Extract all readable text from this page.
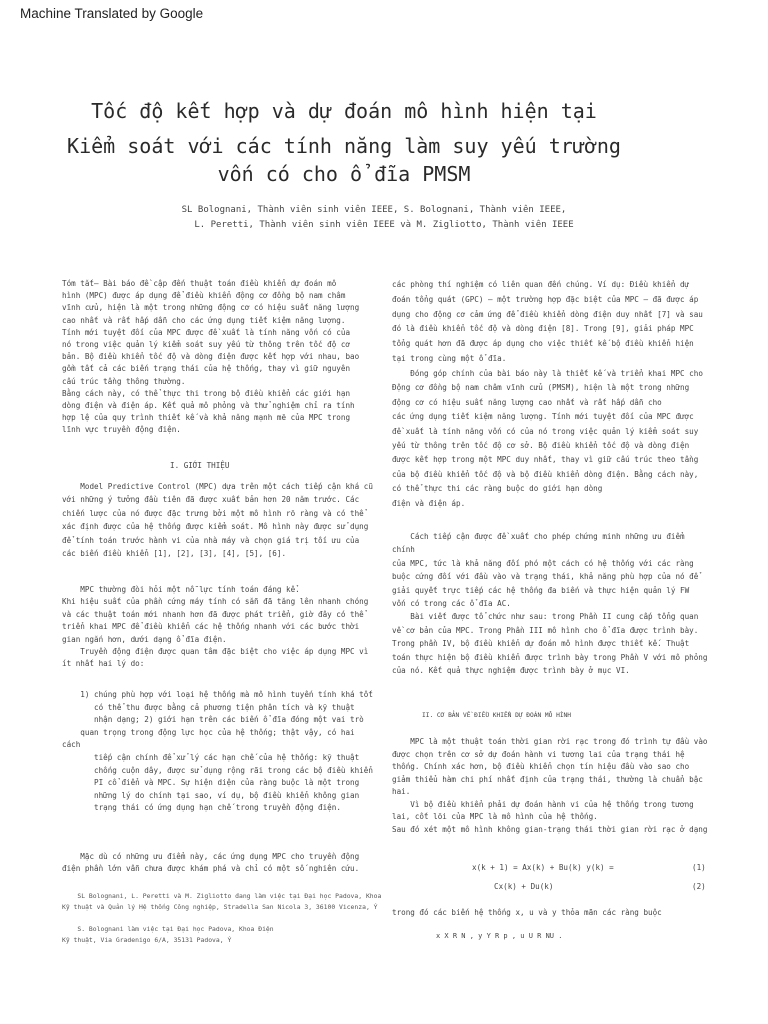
Machine Translated by Google
Tốc độ kết hợp và dự đoán mô hình hiện tại
Kiểm soát với các tính năng làm suy yếu trường
vốn có cho ổ đĩa PMSM
SL Bolognani, Thành viên sinh viên IEEE, S. Bolognani, Thành viên IEEE,
L. Peretti, Thành viên sinh viên IEEE và M. Zigliotto, Thành viên IEEE
Tóm tắt— Bài báo đề cập đến thuật toán điều khiển dự đoán mô
hình (MPC) được áp dụng để điều khiển động cơ đồng bộ nam châm
vĩnh cửu, hiện là một trong những động cơ có hiệu suất năng lượng
cao nhất và rất hấp dẫn cho các ứng dụng tiết kiệm năng lượng.
Tính mới tuyệt đối của MPC được đề xuất là tính năng vốn có của
nó trong việc quản lý kiểm soát suy yếu từ thông trên tốc độ cơ
bản. Bộ điều khiển tốc độ và dòng điện được kết hợp với nhau, bao
gồm tất cả các biến trạng thái của hệ thống, thay vì giữ nguyên
cấu trúc tầng thông thường.
Bằng cách này, có thể thực thi trong bộ điều khiển các giới hạn
dòng điện và điện áp. Kết quả mô phỏng và thử nghiệm chỉ ra tính
hợp lệ của quy trình thiết kế và khả năng mạnh mẽ của MPC trong
lĩnh vực truyền động điện.
I. GIỚI THIỆU
Model Predictive Control (MPC) dựa trên một cách tiếp cận khá cũ
với những ý tưởng đầu tiên đã được xuất bản hơn 20 năm trước. Các
chiến lược của nó được đặc trưng bởi một mô hình rõ ràng và có thể
xác định được của hệ thống được kiểm soát. Mô hình này được sử dụng
để tính toán trước hành vi của nhà máy và chọn giá trị tối ưu của
các biến điều khiển [1], [2], [3], [4], [5], [6].
MPC thường đòi hỏi một nỗ lực tính toán đáng kể.
Khi hiệu suất của phần cứng máy tính có sẵn đã tăng lên nhanh chóng
và các thuật toán mới nhanh hơn đã được phát triển, giờ đây có thể
triển khai MPC để điều khiển các hệ thống nhanh với các bước thời
gian ngắn hơn, dưới dạng ổ đĩa điện.
Truyền động điện được quan tâm đặc biệt cho việc áp dụng MPC vì
ít nhất hai lý do:
1) chúng phù hợp với loại hệ thống mà mô hình tuyến tính khá tốt
có thể thu được bằng cả phương tiện phân tích và kỹ thuật
nhận dạng; 2) giới hạn trên các biến ổ đĩa đóng một vai trò
quan trọng trong động lực học của hệ thống; thật vậy, có hai cách
tiếp cận chính để xử lý các hạn chế của hệ thống: kỹ thuật
chống cuộn dây, được sử dụng rộng rãi trong các bộ điều khiển
PI cổ điển và MPC. Sự hiện diện của ràng buộc là một trong
những lý do chính tại sao, ví dụ, bộ điều khiển không gian
trạng thái có ứng dụng hạn chế trong truyền động điện.
Mặc dù có những ưu điểm này, các ứng dụng MPC cho truyền động
điện phần lớn vẫn chưa được khám phá và chỉ có một số nghiên cứu.
SL Bolognani, L. Peretti và M. Zigliotto đang làm việc tại Đại học Padova, Khoa
Kỹ thuật và Quản lý Hệ thống Công nghiệp, Stradella San Nicola 3, 36100 Vicenza, Ý
S. Bolognani làm việc tại Đại học Padova, Khoa Điện
Kỹ thuật, Via Gradenigo 6/A, 35131 Padova, Ý
các phòng thí nghiệm có liên quan đến chúng. Ví dụ: Điều khiển dự
đoán tổng quát (GPC) – một trường hợp đặc biệt của MPC – đã được áp
dụng cho động cơ cảm ứng để điều khiển dòng điện duy nhất [7] và sau
đó là điều khiển tốc độ và dòng điện [8]. Trong [9], giải pháp MPC
tổng quát hơn đã được áp dụng cho việc thiết kế bộ điều khiển hiện
tại trong cùng một ổ đĩa.
Đóng góp chính của bài báo này là thiết kế và triển khai MPC cho
Động cơ đồng bộ nam châm vĩnh cửu (PMSM), hiện là một trong những
động cơ có hiệu suất năng lượng cao nhất và rất hấp dẫn cho
các ứng dụng tiết kiệm năng lượng. Tính mới tuyệt đối của MPC được
đề xuất là tính năng vốn có của nó trong việc quản lý kiểm soát suy
yếu từ thông trên tốc độ cơ sở. Bộ điều khiển tốc độ và dòng điện
được kết hợp trong một MPC duy nhất, thay vì giữ cấu trúc theo tầng
của bộ điều khiển tốc độ và bộ điều khiển dòng điện. Bằng cách này,
có thể thực thi các ràng buộc do giới hạn dòng
điện và điện áp.
Cách tiếp cận được đề xuất cho phép chứng minh những ưu điểm chính
của MPC, tức là khả năng đối phó một cách có hệ thống với các ràng
buộc cứng đối với đầu vào và trạng thái, khả năng phù hợp của nó để
giải quyết trực tiếp các hệ thống đa biến và thực hiện quản lý FW
vốn có trong các ổ đĩa AC.
Bài viết được tổ chức như sau: trong Phần II cung cấp tổng quan
về cơ bản của MPC. Trong Phần III mô hình cho ổ đĩa được trình bày.
Trong phần IV, bộ điều khiển dự đoán mô hình được thiết kế. Thuật
toán thực hiện bộ điều khiển được trình bày trong Phần V với mô phỏng
của nó. Kết quả thực nghiệm được trình bày ở mục VI.
II. CƠ BẢN VỀ ĐIỀU KHIỂN DỰ ĐOÁN MÔ HÌNH
MPC là một thuật toán thời gian rời rạc trong đó trình tự đầu vào
được chọn trên cơ sở dự đoán hành vi tương lai của trạng thái hệ
thống. Chính xác hơn, bộ điều khiển chọn tín hiệu đầu vào sao cho
giảm thiểu hàm chi phí nhất định của trạng thái, thường là chuẩn bậc
hai.
Vì bộ điều khiển phải dự đoán hành vi của hệ thống trong tương
lai, cốt lõi của MPC là mô hình của hệ thống.
Sau đó xét một mô hình không gian-trạng thái thời gian rời rạc ở dạng
x(k + 1) = Ax(k) + Bu(k) y(k) =	(1)
Cx(k) + Du(k)	(2)
trong đó các biến hệ thống x, u và y thỏa mãn các ràng buộc
x X R N , y Y R p , u U R NU .
